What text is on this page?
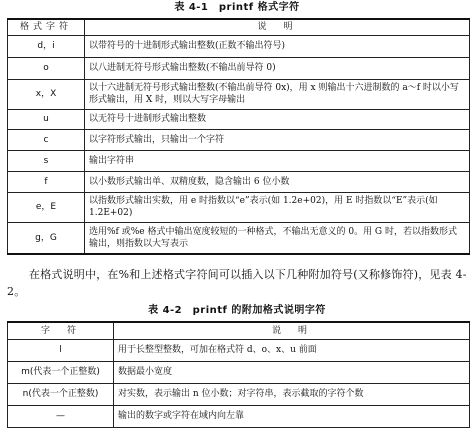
表 4-1　printf 格式字符
格式字符	说　明
d，i	以带符号的十进制形式输出整数(正数不输出符号)
o	以八进制无符号形式输出整数(不输出前导符 0)
x，X	以十六进制无符号形式输出整数(不输出前导符 0x)，用 x 则输出十六进制数的 a～f 时以小写形式输出，用 X 时，则以大写字母输出
u	以无符号十进制形式输出整数
c	以字符形式输出，只输出一个字符
s	输出字符串
f	以小数形式输出单、双精度数，隐含输出 6 位小数
e，E	以指数形式输出实数，用 e 时指数以“e”表示(如 1.2e+02)，用 E 时指数以“E”表示(如 1.2E+02)
g，G	选用%f 或%e 格式中输出宽度较短的一种格式，不输出无意义的 0。用 G 时，若以指数形式输出，则指数以大写表示
在格式说明中，在%和上述格式字符间可以插入以下几种附加符号(又称修饰符)，见表 4-2。
表 4-2　printf 的附加格式说明字符
字　符	说　明
l	用于长整型整数，可加在格式符 d、o、x、u 前面
m(代表一个正整数)	数据最小宽度
n(代表一个正整数)	对实数，表示输出 n 位小数；对字符串，表示截取的字符个数
—	输出的数字或字符在域内向左靠
